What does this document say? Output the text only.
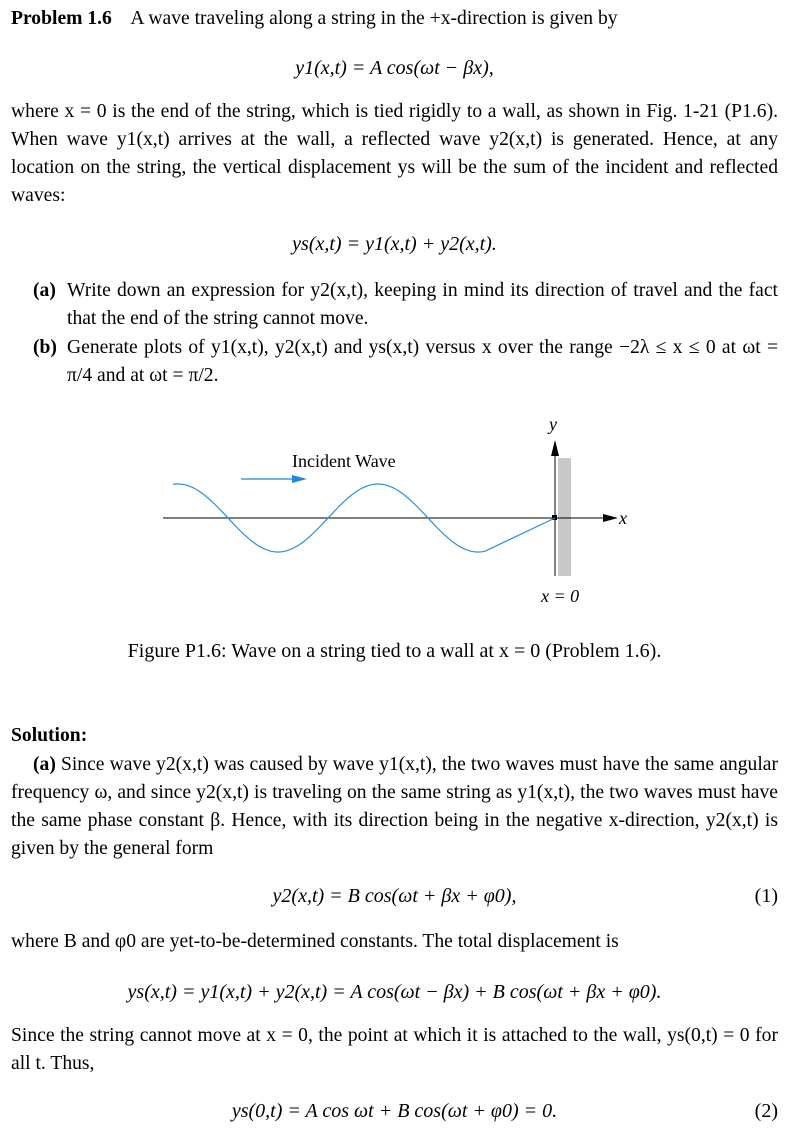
Problem 1.6 A wave traveling along a string in the +x-direction is given by
y1(x,t) = A cos(ωt − βx),
where x = 0 is the end of the string, which is tied rigidly to a wall, as shown in Fig. 1-21 (P1.6). When wave y1(x,t) arrives at the wall, a reflected wave y2(x,t) is generated. Hence, at any location on the string, the vertical displacement ys will be the sum of the incident and reflected waves:
ys(x,t) = y1(x,t) + y2(x,t).
(a) Write down an expression for y2(x,t), keeping in mind its direction of travel and the fact that the end of the string cannot move.
(b) Generate plots of y1(x,t), y2(x,t) and ys(x,t) versus x over the range −2λ ≤ x ≤ 0 at ωt = π/4 and at ωt = π/2.
Incident Wave
y
x
x = 0
Figure P1.6: Wave on a string tied to a wall at x = 0 (Problem 1.6).
Solution:
(a) Since wave y2(x,t) was caused by wave y1(x,t), the two waves must have the same angular frequency ω, and since y2(x,t) is traveling on the same string as y1(x,t), the two waves must have the same phase constant β. Hence, with its direction being in the negative x-direction, y2(x,t) is given by the general form
y2(x,t) = B cos(ωt + βx + φ0),	(1)
where B and φ0 are yet-to-be-determined constants. The total displacement is
ys(x,t) = y1(x,t) + y2(x,t) = A cos(ωt − βx) + B cos(ωt + βx + φ0).
Since the string cannot move at x = 0, the point at which it is attached to the wall, ys(0,t) = 0 for all t. Thus,
ys(0,t) = A cos ωt + B cos(ωt + φ0) = 0.	(2)
